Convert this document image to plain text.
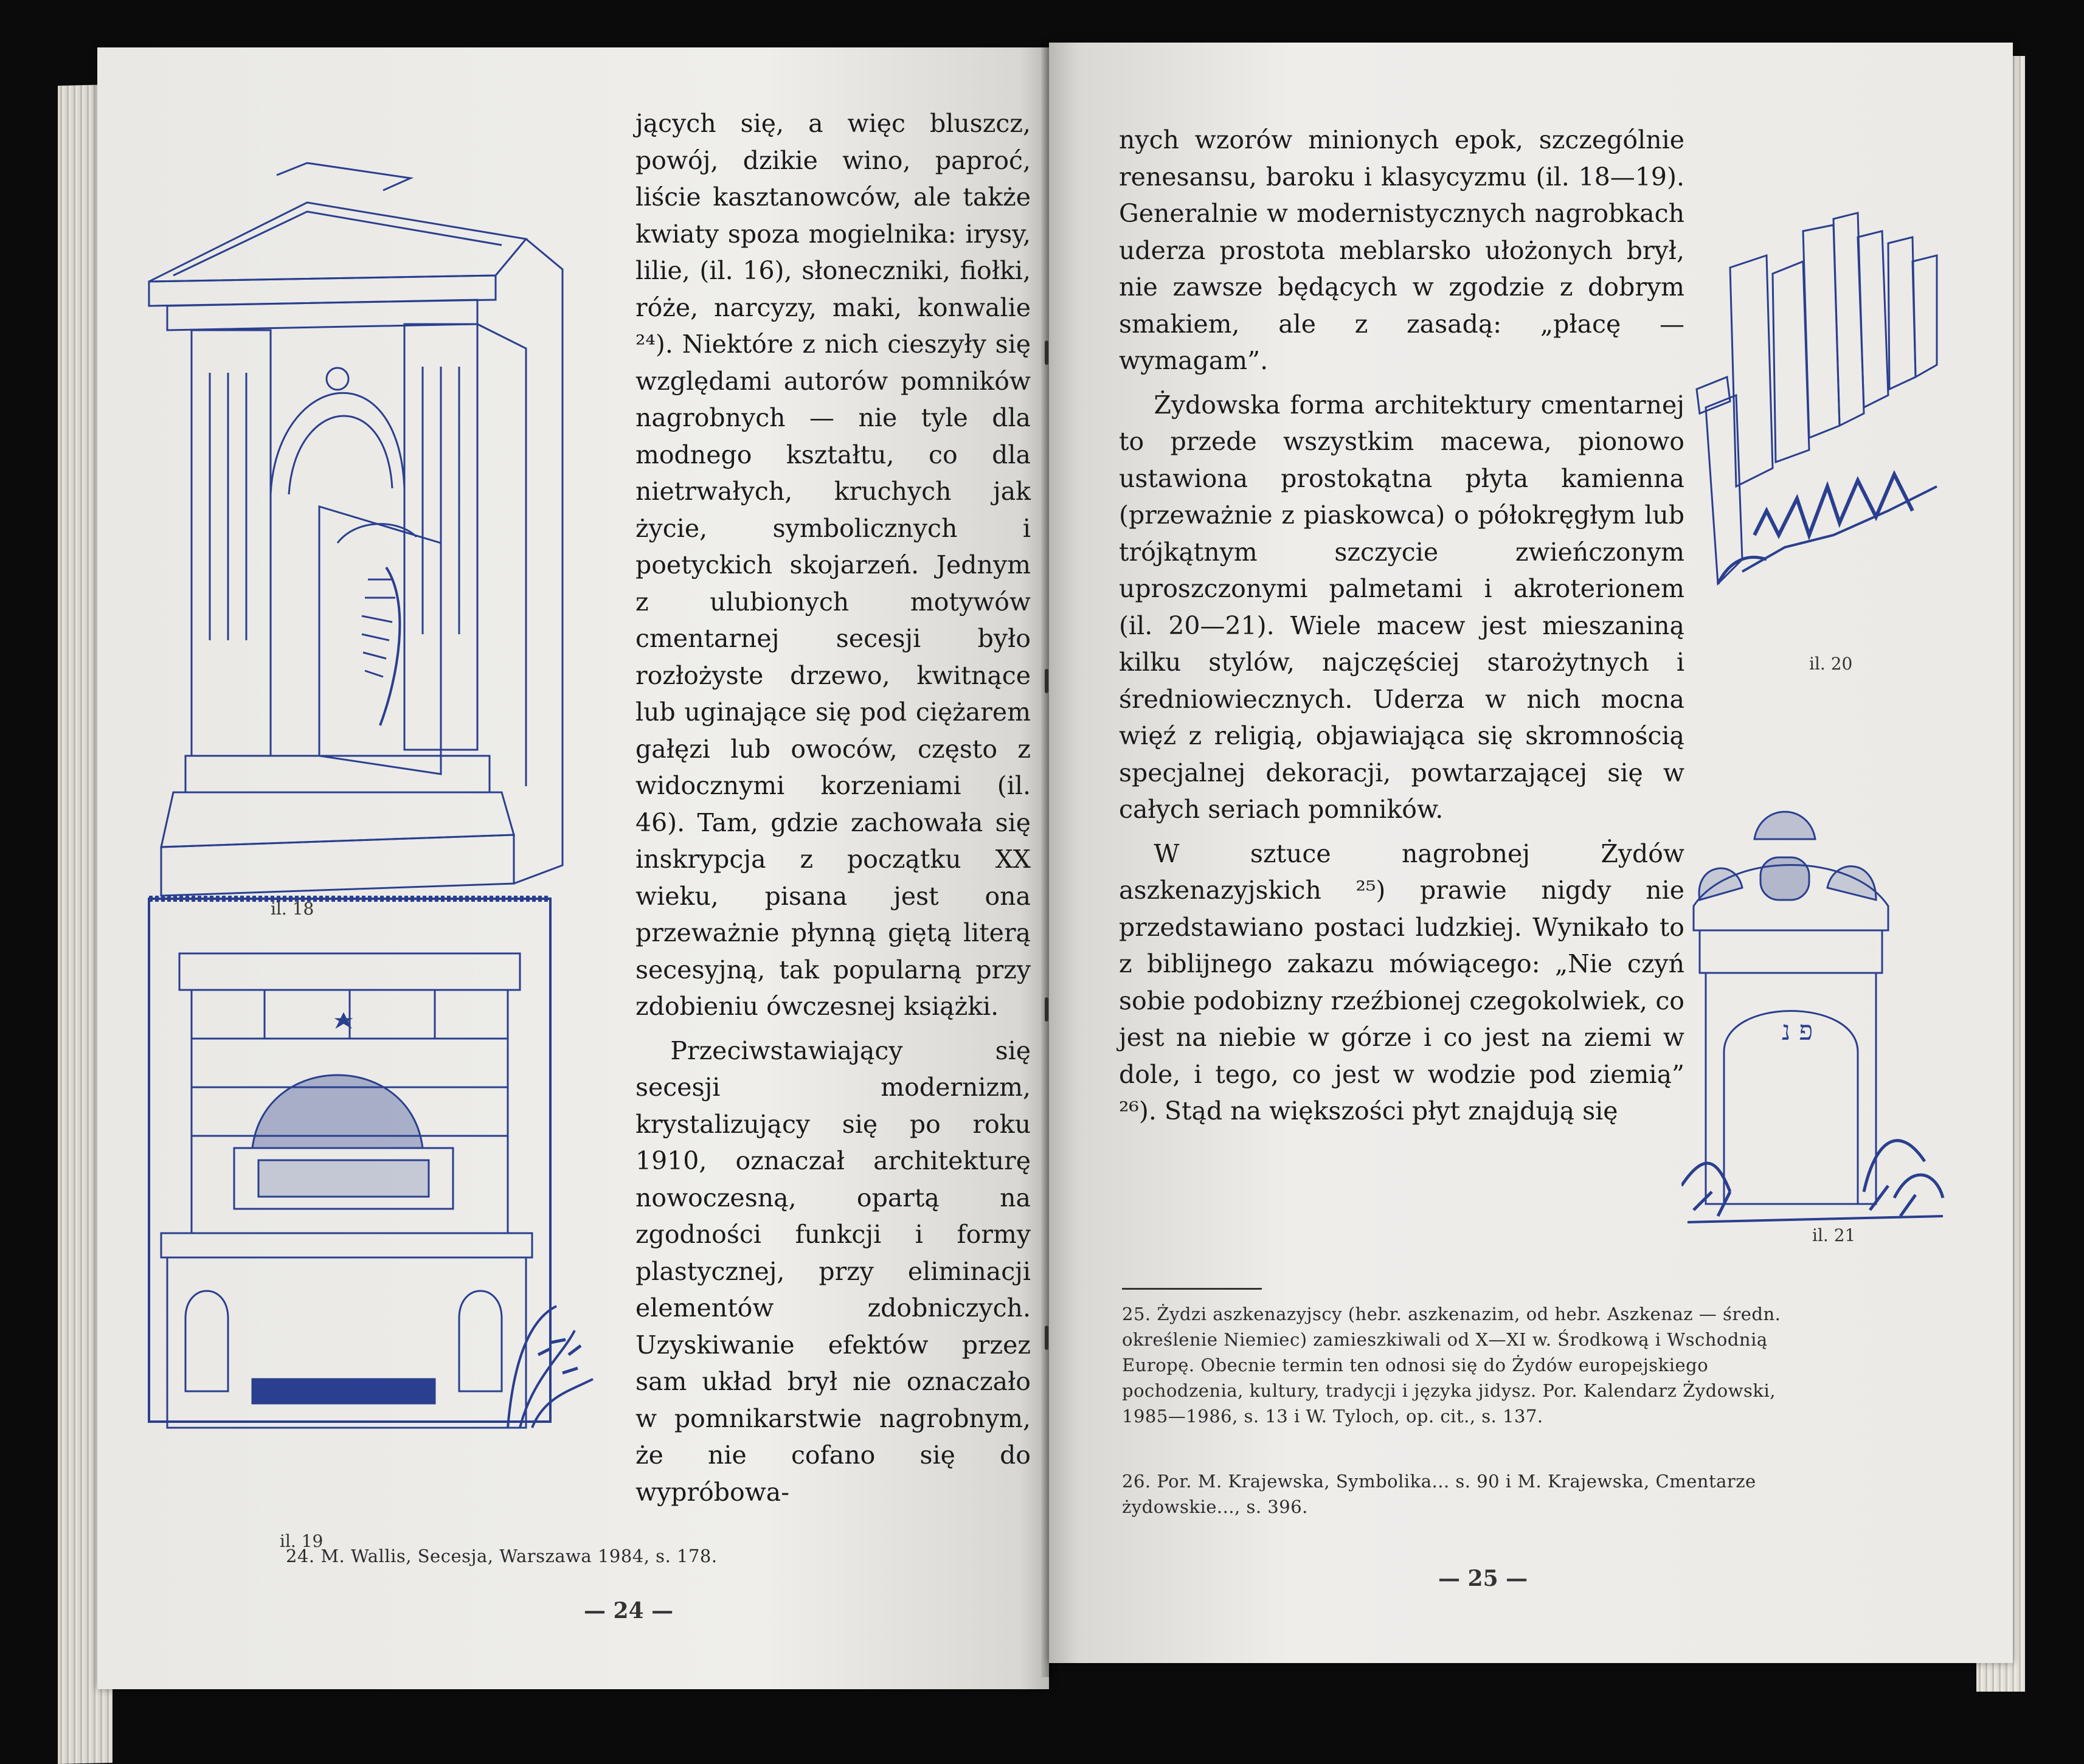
il. 18
il. 19

jących się, a więc bluszcz, powój, dzikie wino, paproć, liście kasztanowców, ale także kwiaty spoza mogielnika: irysy, lilie, (il. 16), słoneczniki, fiołki, róże, narcyzy, maki, konwalie ²⁴). Niektóre z nich cieszyły się względami autorów pomników nagrobnych — nie tyle dla modnego kształtu, co dla nietrwałych, kruchych jak życie, symbolicznych i poetyckich skojarzeń. Jednym z ulubionych motywów cmentarnej secesji było rozłożyste drzewo, kwitnące lub uginające się pod ciężarem gałęzi lub owoców, często z widocznymi korzeniami (il. 46). Tam, gdzie zachowała się inskrypcja z początku XX wieku, pisana jest ona przeważnie płynną giętą literą secesyjną, tak popularną przy zdobieniu ówczesnej książki.

Przeciwstawiający się secesji modernizm, krystalizujący się po roku 1910, oznaczał architekturę nowoczesną, opartą na zgodności funkcji i formy plastycznej, przy eliminacji elementów zdobniczych. Uzyskiwanie efektów przez sam układ brył nie oznaczało w pomnikarstwie nagrobnym, że nie cofano się do wypróbowa-

24. M. Wallis, Secesja, Warszawa 1984, s. 178.
— 24 —

nych wzorów minionych epok, szczególnie renesansu, baroku i klasycyzmu (il. 18—19). Generalnie w modernistycznych nagrobkach uderza prostota meblarsko ułożonych brył, nie zawsze będących w zgodzie z dobrym smakiem, ale z zasadą: „płacę — wymagam”.

Żydowska forma architektury cmentarnej to przede wszystkim macewa, pionowo ustawiona prostokątna płyta kamienna (przeważnie z piaskowca) o półokręgłym lub trójkątnym szczycie zwieńczonym uproszczonymi palmetami i akroterionem (il. 20—21). Wiele macew jest mieszaniną kilku stylów, najczęściej starożytnych i średniowiecznych. Uderza w nich mocna więź z religią, objawiająca się skromnością specjalnej dekoracji, powtarzającej się w całych seriach pomników.

W sztuce nagrobnej Żydów aszkenazyjskich ²⁵) prawie nigdy nie przedstawiano postaci ludzkiej. Wynikało to z biblijnego zakazu mówiącego: „Nie czyń sobie podobizny rzeźbionej czegokolwiek, co jest na niebie w górze i co jest na ziemi w dole, i tego, co jest w wodzie pod ziemią” ²⁶). Stąd na większości płyt znajdują się

il. 20
פ נ
il. 21
25. Żydzi aszkenazyjscy (hebr. aszkenazim, od hebr. Aszkenaz — średn. określenie Niemiec) zamieszkiwali od X—XI w. Środkową i Wschodnią Europę. Obecnie termin ten odnosi się do Żydów europejskiego pochodzenia, kultury, tradycji i języka jidysz. Por. Kalendarz Żydowski, 1985—1986, s. 13 i W. Tyloch, op. cit., s. 137.
26. Por. M. Krajewska, Symbolika... s. 90 i M. Krajewska, Cmentarze żydowskie..., s. 396.
— 25 —
